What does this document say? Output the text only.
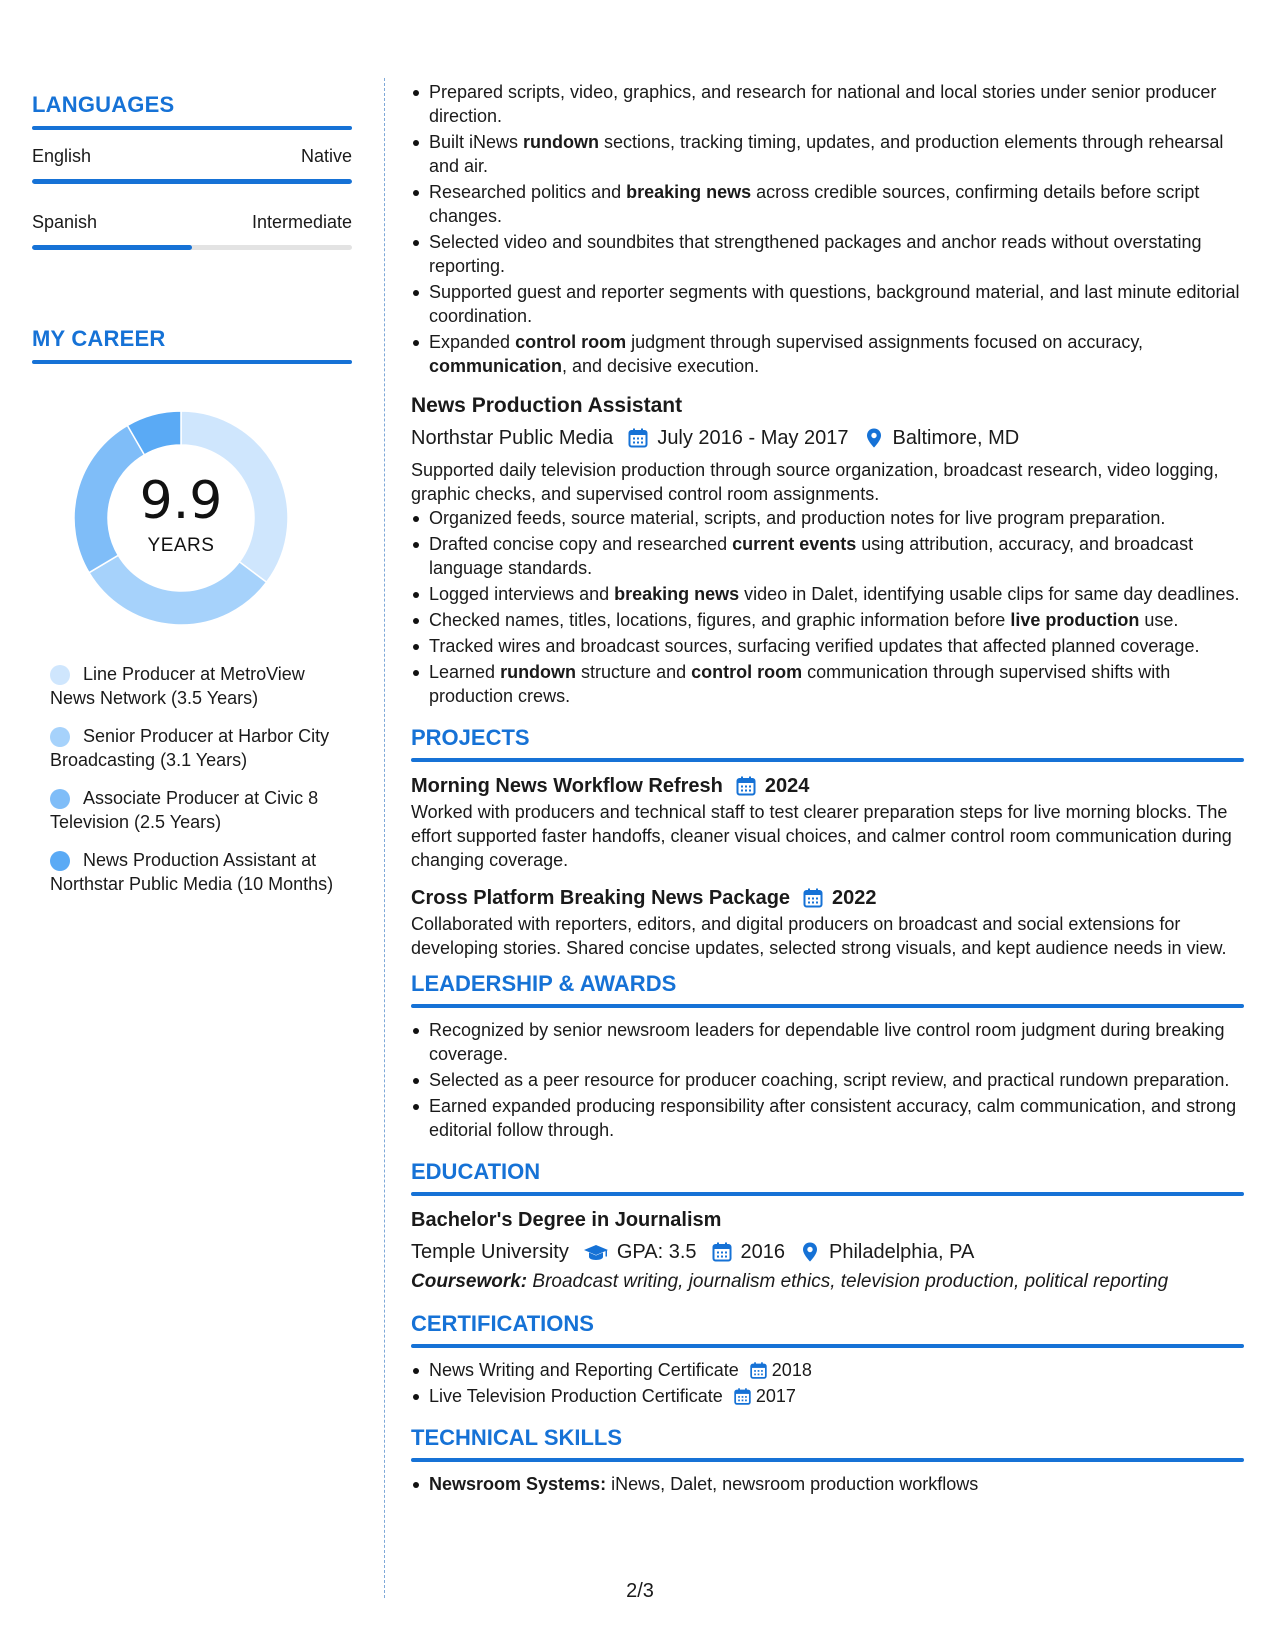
LANGUAGES
English	Native
Spanish	Intermediate
MY CAREER
9.9
YEARS
Line Producer at MetroView News Network (3.5 Years)
Senior Producer at Harbor City Broadcasting (3.1 Years)
Associate Producer at Civic 8 Television (2.5 Years)
News Production Assistant at Northstar Public Media (10 Months)
Prepared scripts, video, graphics, and research for national and local stories under senior producer direction.
Built iNews rundown sections, tracking timing, updates, and production elements through rehearsal and air.
Researched politics and breaking news across credible sources, confirming details before script changes.
Selected video and soundbites that strengthened packages and anchor reads without overstating reporting.
Supported guest and reporter segments with questions, background material, and last minute editorial coordination.
Expanded control room judgment through supervised assignments focused on accuracy, communication, and decisive execution.
News Production Assistant
Northstar Public Media July 2016 - May 2017 Baltimore, MD
Supported daily television production through source organization, broadcast research, video logging, graphic checks, and supervised control room assignments.
Organized feeds, source material, scripts, and production notes for live program preparation.
Drafted concise copy and researched current events using attribution, accuracy, and broadcast language standards.
Logged interviews and breaking news video in Dalet, identifying usable clips for same day deadlines.
Checked names, titles, locations, figures, and graphic information before live production use.
Tracked wires and broadcast sources, surfacing verified updates that affected planned coverage.
Learned rundown structure and control room communication through supervised shifts with production crews.
PROJECTS
Morning News Workflow Refresh 2024
Worked with producers and technical staff to test clearer preparation steps for live morning blocks. The effort supported faster handoffs, cleaner visual choices, and calmer control room communication during changing coverage.
Cross Platform Breaking News Package 2022
Collaborated with reporters, editors, and digital producers on broadcast and social extensions for developing stories. Shared concise updates, selected strong visuals, and kept audience needs in view.
LEADERSHIP & AWARDS
Recognized by senior newsroom leaders for dependable live control room judgment during breaking coverage.
Selected as a peer resource for producer coaching, script review, and practical rundown preparation.
Earned expanded producing responsibility after consistent accuracy, calm communication, and strong editorial follow through.
EDUCATION
Bachelor's Degree in Journalism
Temple University GPA: 3.5 2016 Philadelphia, PA
Coursework: Broadcast writing, journalism ethics, television production, political reporting
CERTIFICATIONS
News Writing and Reporting Certificate 2018
Live Television Production Certificate 2017
TECHNICAL SKILLS
Newsroom Systems: iNews, Dalet, newsroom production workflows
2/3
